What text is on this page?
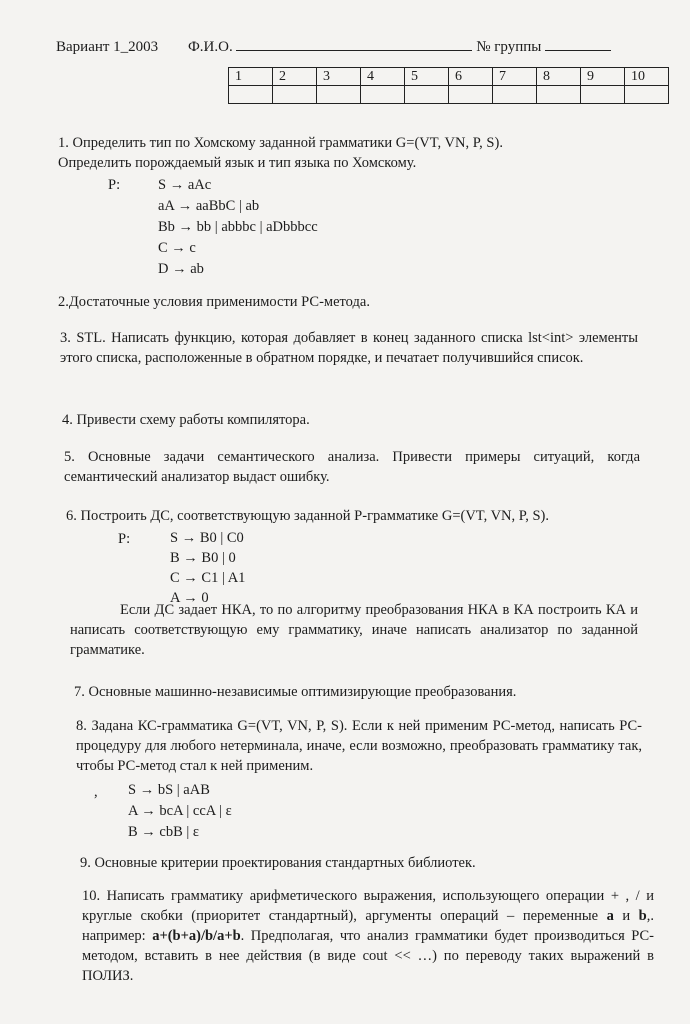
Вариант 1_2003 Ф.И.О.	№ группы
1	2	3	4	5	6	7	8	9	10

1. Определить тип по Хомскому заданной грамматики G=(VT, VN, P, S).
Определить порождаемый язык и тип языка по Хомскому.
P:	S → aAc
aA → aaBbC | ab
Bb → bb | abbbc | aDbbbcc
C → c
D → ab
2.Достаточные условия применимости РС-метода.
3. STL. Написать функцию, которая добавляет в конец заданного списка lst<int> элементы этого списка, расположенные в обратном порядке, и печатает получившийся список.
4. Привести схему работы компилятора.
5. Основные задачи семантического анализа. Привести примеры ситуаций, когда семантический анализатор выдаст ошибку.
6. Построить ДС, соответствующую заданной Р-грамматике G=(VT, VN, P, S).
P:	S → B0 | C0
B → B0 | 0
C → C1 | A1
A → 0
Если ДС задает НКА, то по алгоритму преобразования НКА в КА построить КА и написать соответствующую ему грамматику, иначе написать анализатор по заданной грамматике.
7. Основные машинно-независимые оптимизирующие преобразования.
8. Задана КС-грамматика G=(VT, VN, P, S). Если к ней применим РС-метод, написать РС-процедуру для любого нетерминала, иначе, если возможно, преобразовать грамматику так, чтобы РС-метод стал к ней применим.
, S → bS | aAB
A → bcA | ccA | ε
B → cbB | ε
9. Основные критерии проектирования стандартных библиотек.
10. Написать грамматику арифметического выражения, использующего операции + , / и круглые скобки (приоритет стандартный), аргументы операций – переменные a и b,. например: a+(b+a)/b/a+b. Предполагая, что анализ грамматики будет производиться РС-методом, вставить в нее действия (в виде cout << …) по переводу таких выражений в ПОЛИЗ.
